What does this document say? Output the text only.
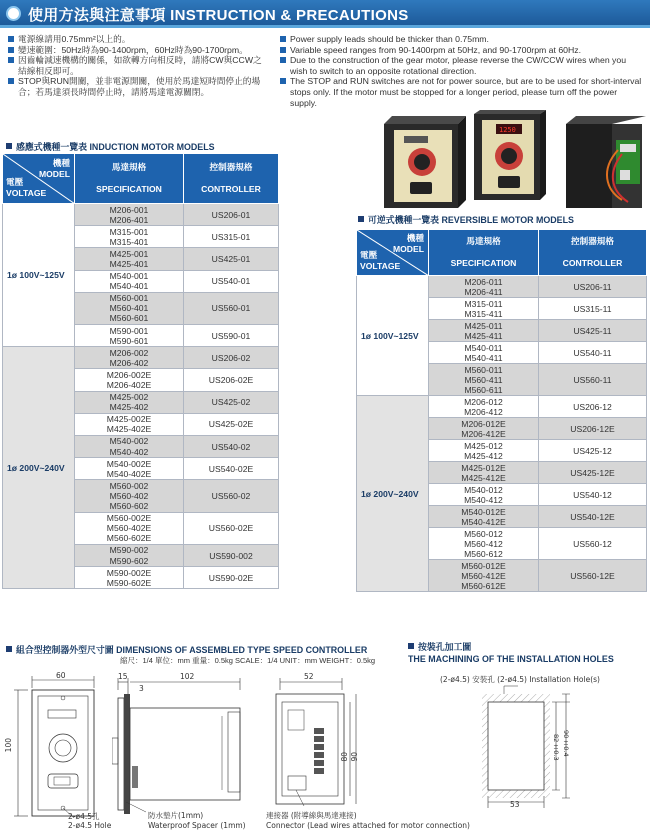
使用方法與注意事項 INSTRUCTION & PRECAUTIONS
電源線請用0.75mm²以上的。
變速範圍：50Hz時為90-1400rpm，60Hz時為90-1700rpm。
因齒輪減速機構的關係，如欲轉方向相反時，請將CW與CCW之結線相反即可。
STOP與RUN開關，並非電源開關，使用於馬達短時間停止的場合；若馬達須長時間停止時，請將馬達電源關閉。
Power supply leads should be thicker than 0.75mm.
Variable speed ranges from 90-1400rpm at 50Hz, and 90-1700rpm at 60Hz.
Due to the construction of the gear motor, please reverse the CW/CCW wires when you wish to switch to an opposite rotational direction.
The STOP and RUN switches are not for power source, but are to be used for short-interval stops only. If the motor must be stopped for a longer period, please turn off the power supply.
1250
感應式機種一覽表 INDUCTION MOTOR MODELS
機種
MODEL
電壓
VOLTAGE	馬達規格

SPECIFICATION	控制器規格

CONTROLLER
1ø 100V~125V	M206-001
M206-401	US206-01

	M315-001
M315-401	US315-01

	M425-001
M425-401	US425-01

	M540-001
M540-401	US540-01

	M560-001
M560-401
M560-601	US560-01

	M590-001
M590-601	US590-01
1ø 200V~240V	M206-002
M206-402	US206-02

	M206-002E
M206-402E	US206-02E

	M425-002
M425-402	US425-02

	M425-002E
M425-402E	US425-02E

	M540-002
M540-402	US540-02

	M540-002E
M540-402E	US540-02E

	M560-002
M560-402
M560-602	US560-02

	M560-002E
M560-402E
M560-602E	US560-02E

	M590-002
M590-602	US590-002

	M590-002E
M590-602E	US590-02E
可逆式機種一覽表 REVERSIBLE MOTOR MODELS
機種
MODEL
電壓
VOLTAGE	馬達規格

SPECIFICATION	控制器規格

CONTROLLER
1ø 100V~125V	M206-011
M206-411	US206-11

	M315-011
M315-411	US315-11

	M425-011
M425-411	US425-11

	M540-011
M540-411	US540-11

	M560-011
M560-411
M560-611	US560-11
1ø 200V~240V	M206-012
M206-412	US206-12

	M206-012E
M206-412E	US206-12E

	M425-012
M425-412	US425-12

	M425-012E
M425-412E	US425-12E

	M540-012
M540-412	US540-12

	M540-012E
M540-412E	US540-12E

	M560-012
M560-412
M560-612	US560-12

	M560-012E
M560-412E
M560-612E	US560-12E
組合型控制器外型尺寸圖 DIMENSIONS OF ASSEMBLED TYPE SPEED CONTROLLER
縮尺：1/4 單位：mm 重量：0.5kg SCALE：1/4 UNIT：mm WEIGHT：0.5kg
60
100
2-ø4.5孔
2-ø4.5 Hole
15
3
102
防水墊片(1mm)
Waterproof Spacer (1mm)
52
80 90
連接器 (附導線與馬達連接)
Connector (Lead wires attached for motor connection)
按裝孔加工圖
THE MACHINING OF THE INSTALLATION HOLES
(2-ø4.5) 安裝孔 (2-ø4.5) Installation Hole(s)
53
82±0.3 90±0.4
